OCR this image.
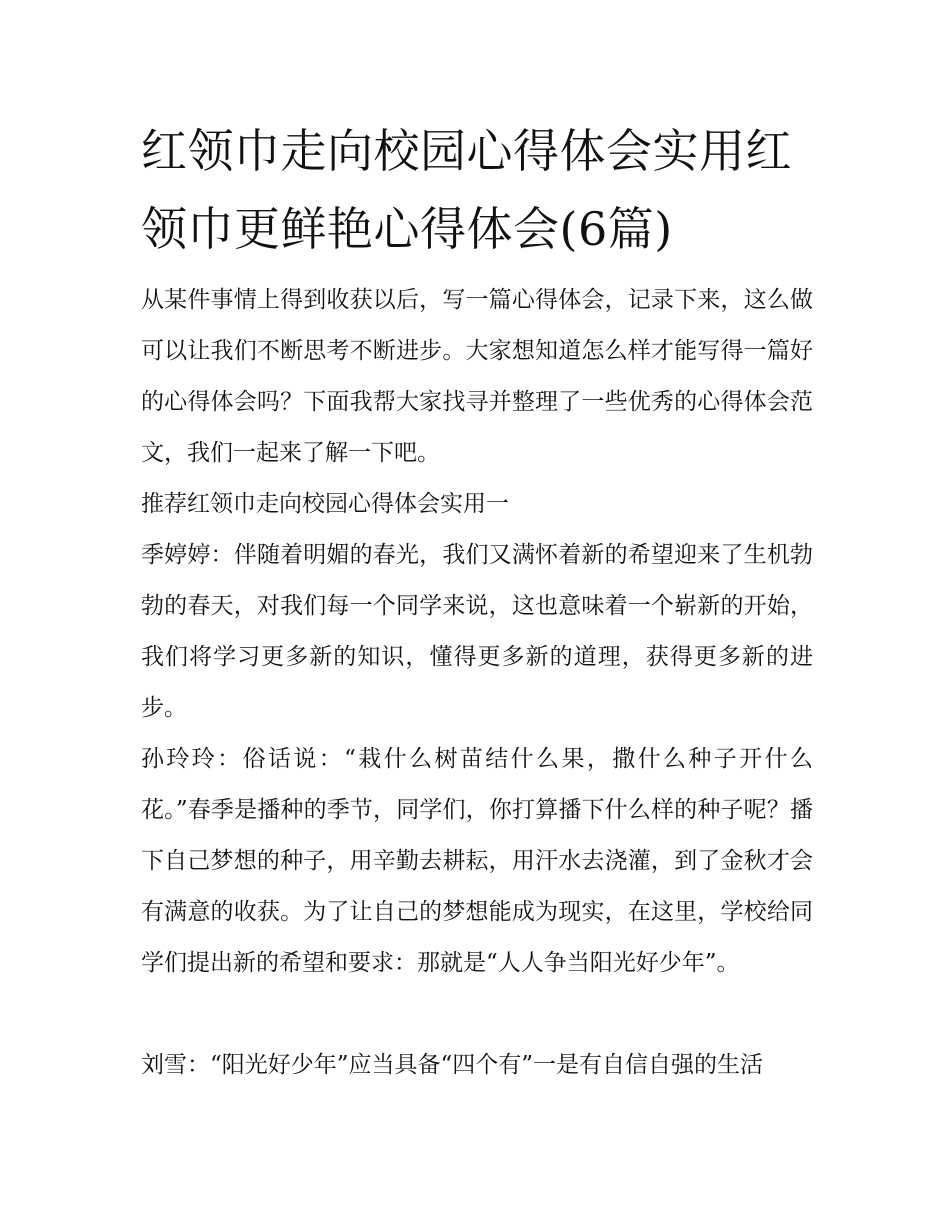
红领巾走向校园心得体会实用红领巾更鲜艳心得体会(6篇)

从某件事情上得到收获以后，写一篇心得体会，记录下来，这么做可以让我们不断思考不断进步。大家想知道怎么样才能写得一篇好的心得体会吗？下面我帮大家找寻并整理了一些优秀的心得体会范文，我们一起来了解一下吧。

推荐红领巾走向校园心得体会实用一

季婷婷：伴随着明媚的春光，我们又满怀着新的希望迎来了生机勃勃的春天，对我们每一个同学来说，这也意味着一个崭新的开始，我们将学习更多新的知识，懂得更多新的道理，获得更多新的进步。

孙玲玲：俗话说：“栽什么树苗结什么果，撒什么种子开什么花。”春季是播种的季节，同学们，你打算播下什么样的种子呢？播下自己梦想的种子，用辛勤去耕耘，用汗水去浇灌，到了金秋才会有满意的收获。为了让自己的梦想能成为现实，在这里，学校给同学们提出新的希望和要求：那就是“人人争当阳光好少年”。

刘雪：“阳光好少年”应当具备“四个有”一是有自信自强的生活
